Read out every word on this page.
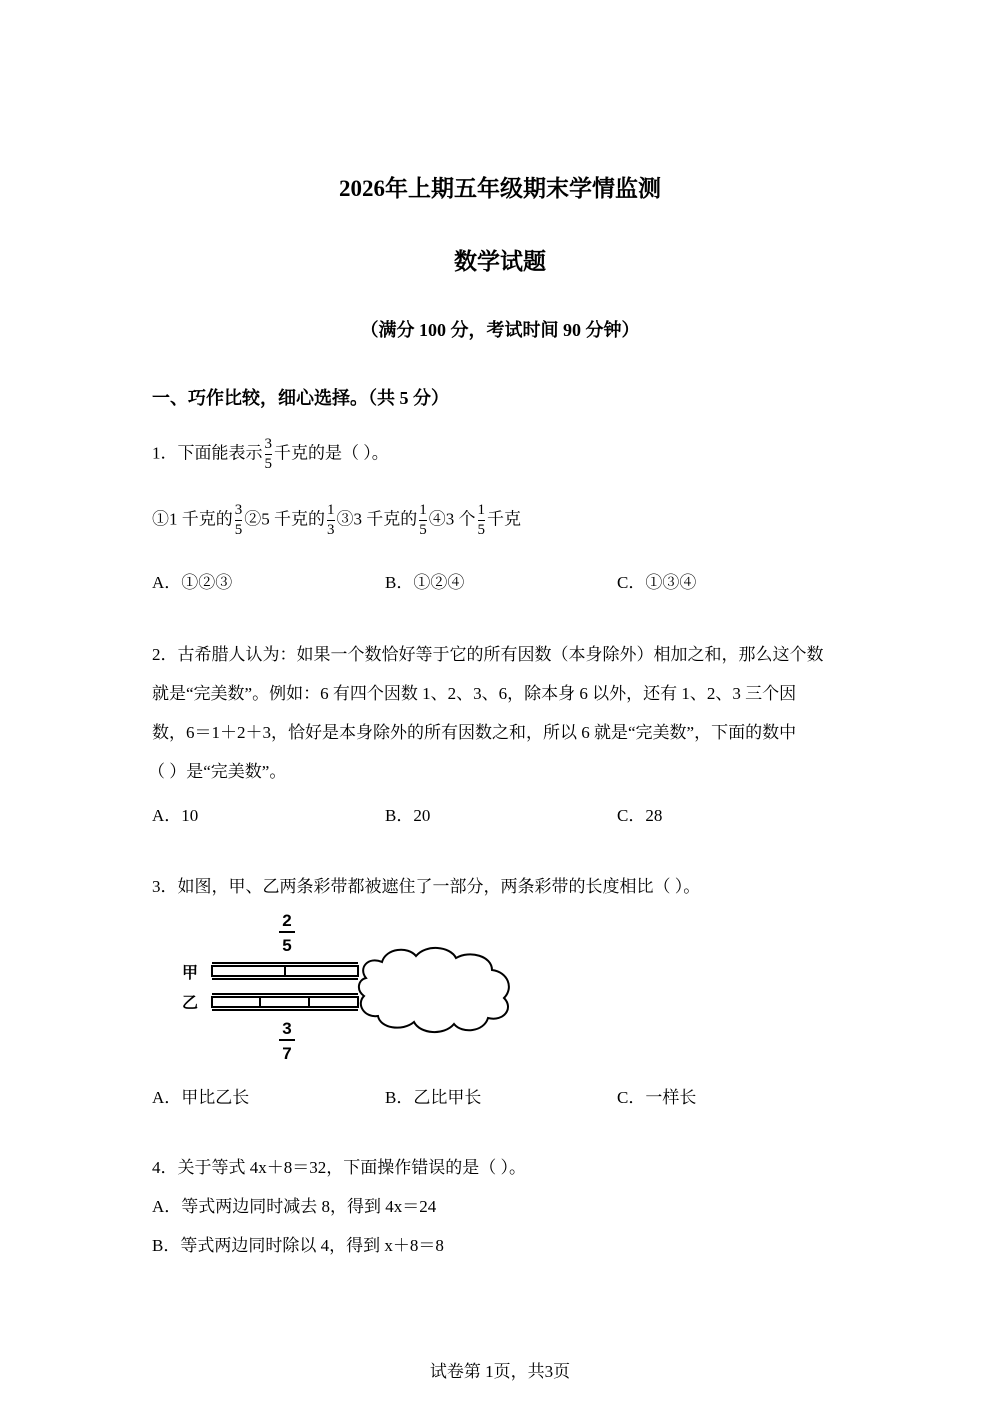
2026年上期五年级期末学情监测
数学试题
（满分 100 分，考试时间 90 分钟）
一、巧作比较，细心选择。（共 5 分）
1．下面能表示 $\frac{3}{5}$ 千克的是（ ）。
①1 千克的 $\frac{3}{5}$ ②5 千克的 $\frac{1}{3}$ ③3 千克的 $\frac{1}{5}$ ④3 个 $\frac{1}{5}$ 千克
A．①②③	B．①②④	C．①③④
2．古希腊人认为：如果一个数恰好等于它的所有因数（本身除外）相加之和，那么这个数
就是“完美数”。例如：6 有四个因数 1、2、3、6，除本身 6 以外，还有 1、2、3 三个因
数，6＝1＋2＋3，恰好是本身除外的所有因数之和，所以 6 就是“完美数”，下面的数中
（ ）是“完美数”。
A．10	B．20	C．28
3．如图，甲、乙两条彩带都被遮住了一部分，两条彩带的长度相比（ ）。
2
5
甲
乙
3
7
A．甲比乙长	B．乙比甲长	C．一样长
4．关于等式 4x＋8＝32，下面操作错误的是（ ）。
A．等式两边同时减去 8，得到 4x＝24
B．等式两边同时除以 4，得到 x＋8＝8
试卷第 1页，共3页
